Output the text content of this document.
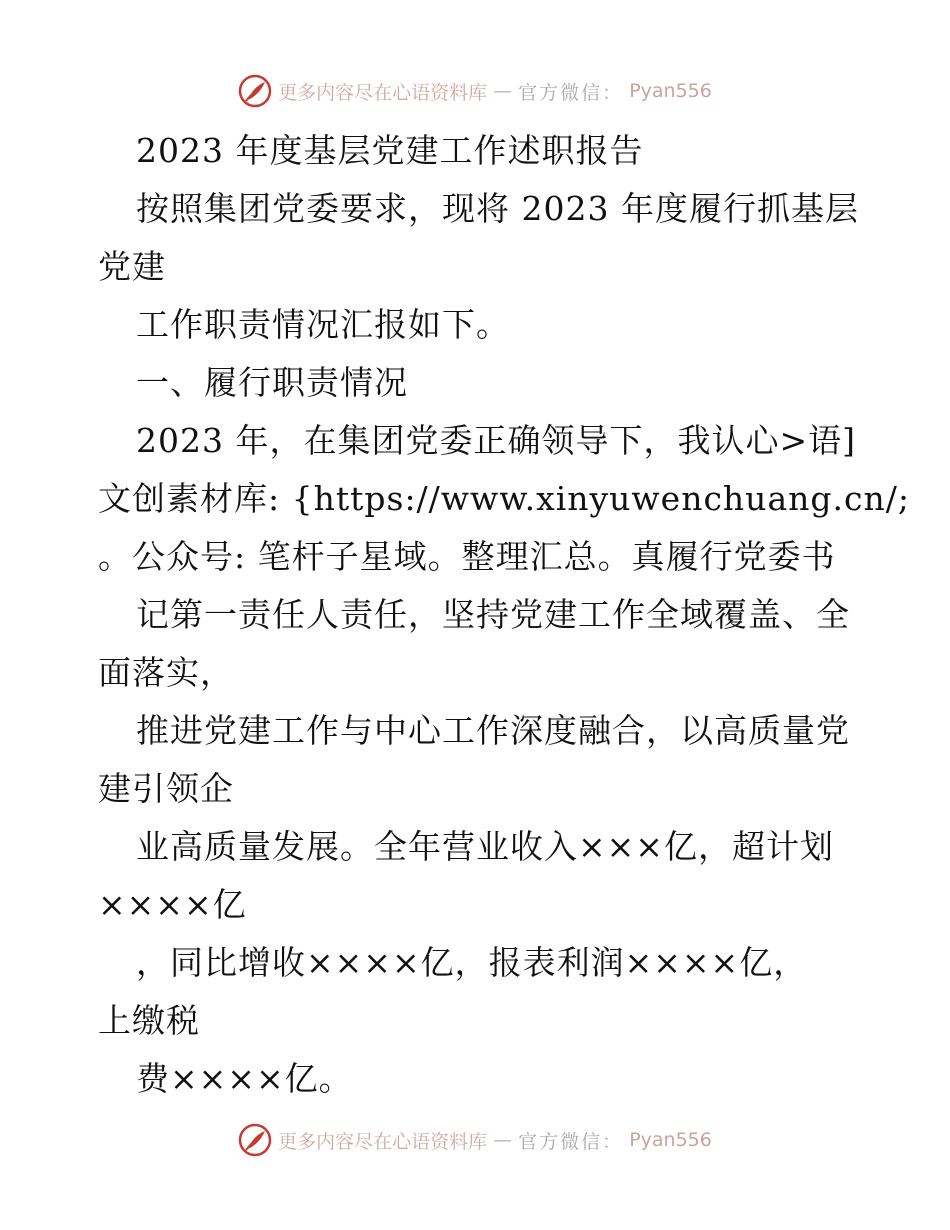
更多内容尽在心语资料库 — 官方微信： Pyan556
2023 年度基层党建工作述职报告
按照集团党委要求，现将 2023 年度履行抓基层
党建
工作职责情况汇报如下。
一、履行职责情况
2023 年，在集团党委正确领导下，我认心>语]
文创素材库: {https://www.xinyuwenchuang.cn/;
。公众号: 笔杆子星域。整理汇总。真履行党委书
记第一责任人责任，坚持党建工作全域覆盖、全
面落实，
推进党建工作与中心工作深度融合，以高质量党
建引领企
业高质量发展。全年营业收入×××亿，超计划
××××亿
，同比增收××××亿，报表利润××××亿，
上缴税
费××××亿。
更多内容尽在心语资料库 — 官方微信： Pyan556
